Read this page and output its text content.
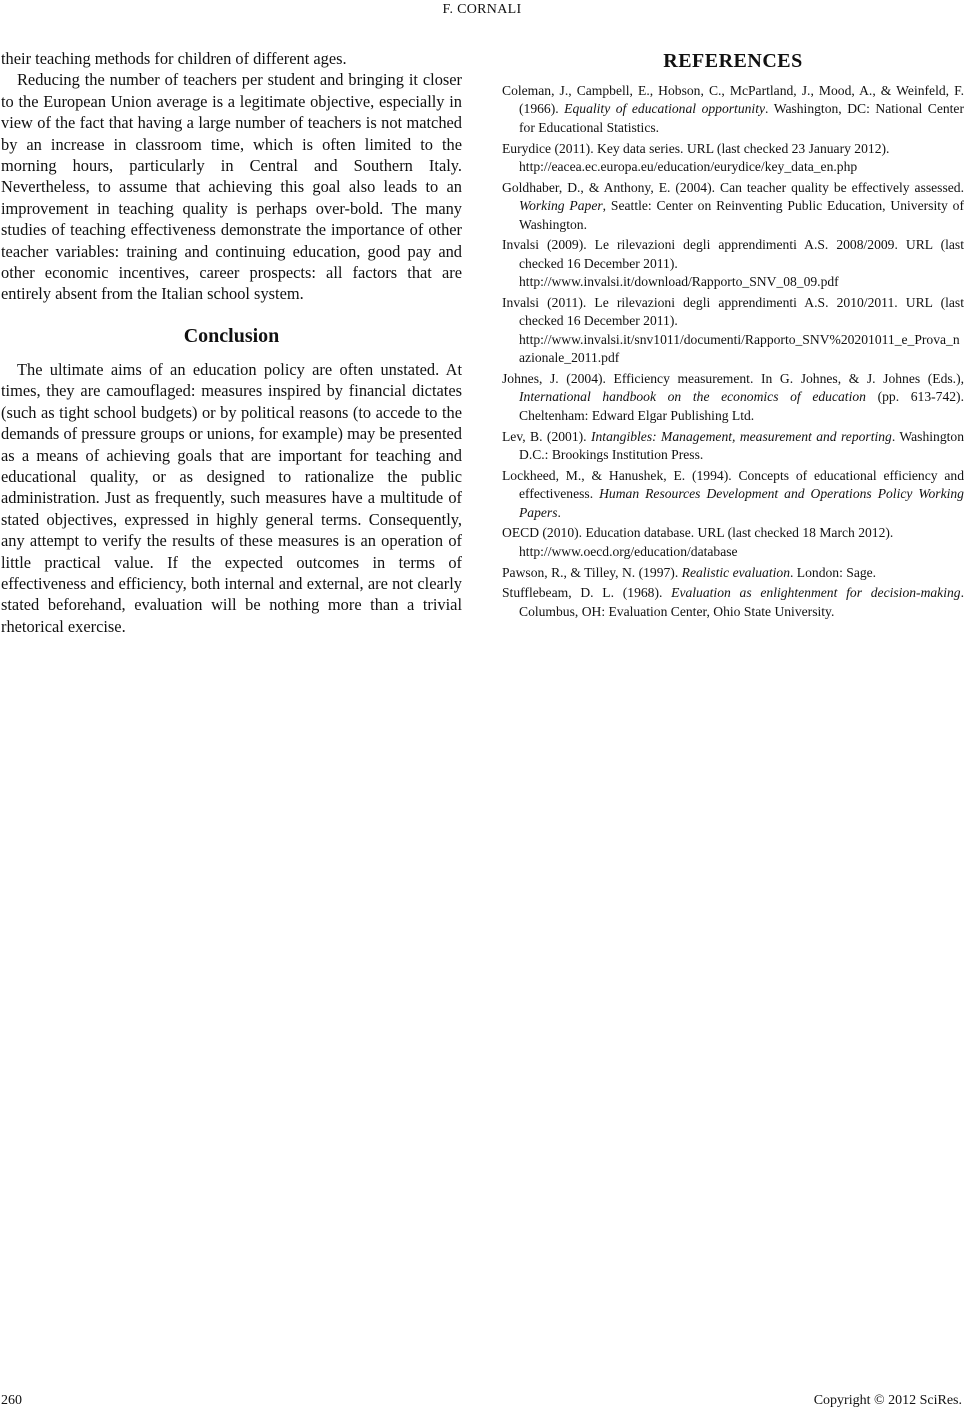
F. CORNALI

their teaching methods for children of different ages.

Reducing the number of teachers per student and bringing it closer to the European Union average is a legitimate objective, especially in view of the fact that having a large number of teachers is not matched by an increase in classroom time, which is often limited to the morning hours, particularly in Central and Southern Italy. Nevertheless, to assume that achieving this goal also leads to an improvement in teaching quality is perhaps over-bold. The many studies of teaching effectiveness demonstrate the importance of other teacher variables: training and continuing education, good pay and other economic incentives, career prospects: all factors that are entirely absent from the Italian school system.

Conclusion

The ultimate aims of an education policy are often unstated. At times, they are camouflaged: measures inspired by financial dictates (such as tight school budgets) or by political reasons (to accede to the demands of pressure groups or unions, for example) may be presented as a means of achieving goals that are important for teaching and educational quality, or as designed to rationalize the public administration. Just as frequently, such measures have a multitude of stated objectives, expressed in highly general terms. Consequently, any attempt to verify the results of these measures is an operation of little practical value. If the expected outcomes in terms of effectiveness and efficiency, both internal and external, are not clearly stated beforehand, evaluation will be nothing more than a trivial rhetorical exercise.

REFERENCES

Coleman, J., Campbell, E., Hobson, C., McPartland, J., Mood, A., & Weinfeld, F. (1966). Equality of educational opportunity. Washington, DC: National Center for Educational Statistics.

Eurydice (2011). Key data series. URL (last checked 23 January 2012).
http://eacea.ec.europa.eu/education/eurydice/key_data_en.php

Goldhaber, D., & Anthony, E. (2004). Can teacher quality be effectively assessed. Working Paper, Seattle: Center on Reinventing Public Education, University of Washington.

Invalsi (2009). Le rilevazioni degli apprendimenti A.S. 2008/2009. URL (last checked 16 December 2011).
http://www.invalsi.it/download/Rapporto_SNV_08_09.pdf

Invalsi (2011). Le rilevazioni degli apprendimenti A.S. 2010/2011. URL (last checked 16 December 2011).
http://www.invalsi.it/snv1011/documenti/Rapporto_SNV%20201011_e_Prova_nazionale_2011.pdf

Johnes, J. (2004). Efficiency measurement. In G. Johnes, & J. Johnes (Eds.), International handbook on the economics of education (pp. 613-742). Cheltenham: Edward Elgar Publishing Ltd.

Lev, B. (2001). Intangibles: Management, measurement and reporting. Washington D.C.: Brookings Institution Press.

Lockheed, M., & Hanushek, E. (1994). Concepts of educational efficiency and effectiveness. Human Resources Development and Operations Policy Working Papers.

OECD (2010). Education database. URL (last checked 18 March 2012).
http://www.oecd.org/education/database

Pawson, R., & Tilley, N. (1997). Realistic evaluation. London: Sage.

Stufflebeam, D. L. (1968). Evaluation as enlightenment for decision-making. Columbus, OH: Evaluation Center, Ohio State University.

260	Copyright © 2012 SciRes.
